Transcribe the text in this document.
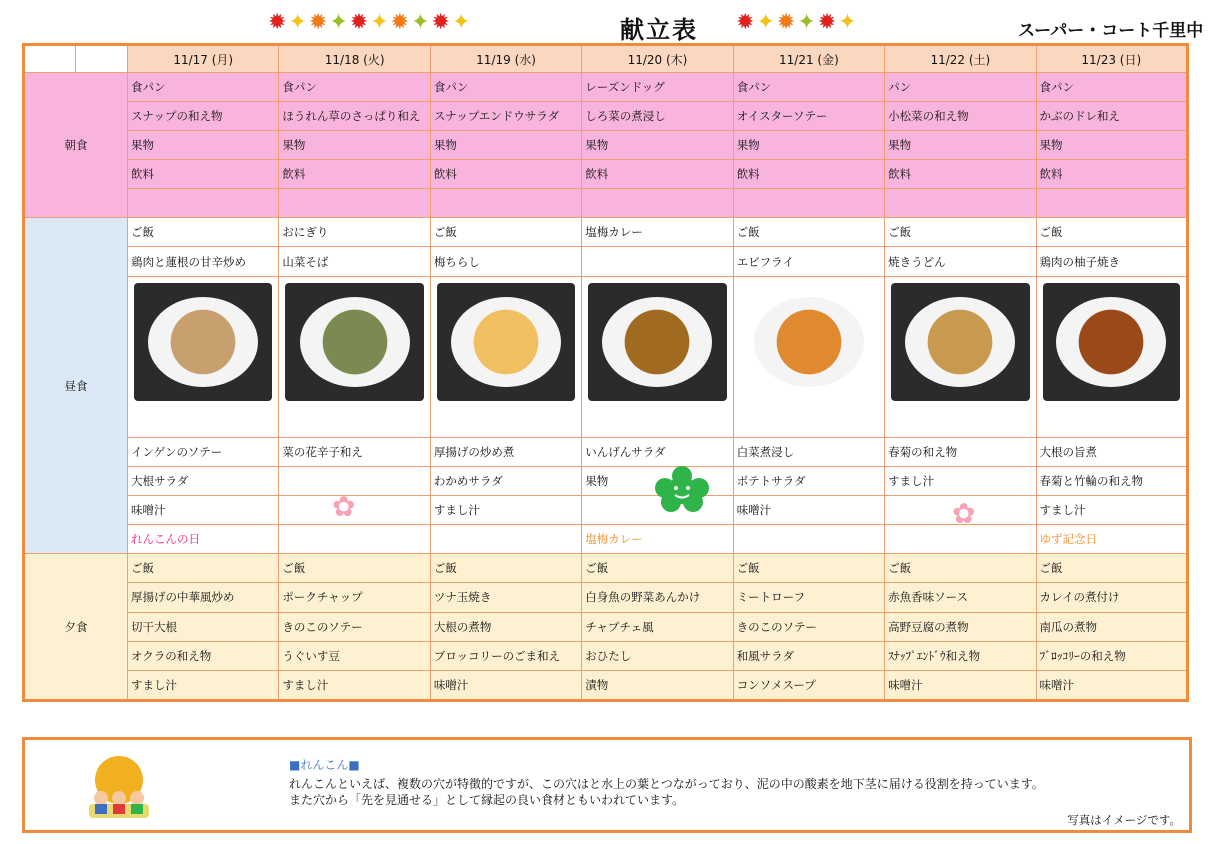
✹ ✦ ✹ ✦ ✹ ✦ ✹ ✦ ✹ ✦	献立表 ✹ ✦ ✹ ✦ ✹ ✦	スーパー・コート千里中
		11/17 (月)	11/18 (火)	11/19 (水)	11/20 (木)	11/21 (金)	11/22 (土)	11/23 (日)
朝食		食パン	食パン	食パン	レーズンドッグ	食パン	パン	食パン
		スナップの和え物	ほうれん草のさっぱり和え	スナップエンドウサラダ	しろ菜の煮浸し	オイスターソテー	小松菜の和え物	かぶのドレ和え
		果物	果物	果物	果物	果物	果物	果物
		飲料	飲料	飲料	飲料	飲料	飲料	飲料

昼食		ご飯	おにぎり	ご飯	塩梅カレー	ご飯	ご飯	ご飯
		鶏肉と蓮根の甘辛炒め	山菜そば	梅ちらし		エビフライ	焼きうどん	鶏肉の柚子焼き

		インゲンのソテー	菜の花辛子和え	厚揚げの炒め煮	いんげんサラダ	白菜煮浸し	春菊の和え物	大根の旨煮
		大根サラダ		わかめサラダ	果物	ポテトサラダ	すまし汁	春菊と竹輪の和え物
		味噌汁		すまし汁		味噌汁		すまし汁
		れんこんの日			塩梅カレー			ゆず記念日
夕食		ご飯	ご飯	ご飯	ご飯	ご飯	ご飯	ご飯
		厚揚げの中華風炒め	ポークチャップ	ツナ玉焼き	白身魚の野菜あんかけ	ミートローフ	赤魚香味ソース	カレイの煮付け
		切干大根	きのこのソテー	大根の煮物	チャプチェ風	きのこのソテー	高野豆腐の煮物	南瓜の煮物
		オクラの和え物	うぐいす豆	ブロッコリーのごま和え	おひたし	和風サラダ	ｽﾅｯﾌﾟｴﾝﾄﾞｳ和え物	ﾌﾞﾛｯｺﾘｰの和え物
		すまし汁	すまし汁	味噌汁	漬物	コンソメスープ	味噌汁	味噌汁
✿	✿
■れんこん■
れんこんといえば、複数の穴が特徴的ですが、この穴はと水上の葉とつながっており、泥の中の酸素を地下茎に届ける役割を持っています。また穴から「先を見通せる」として縁起の良い食材ともいわれています。
写真はイメージです。
